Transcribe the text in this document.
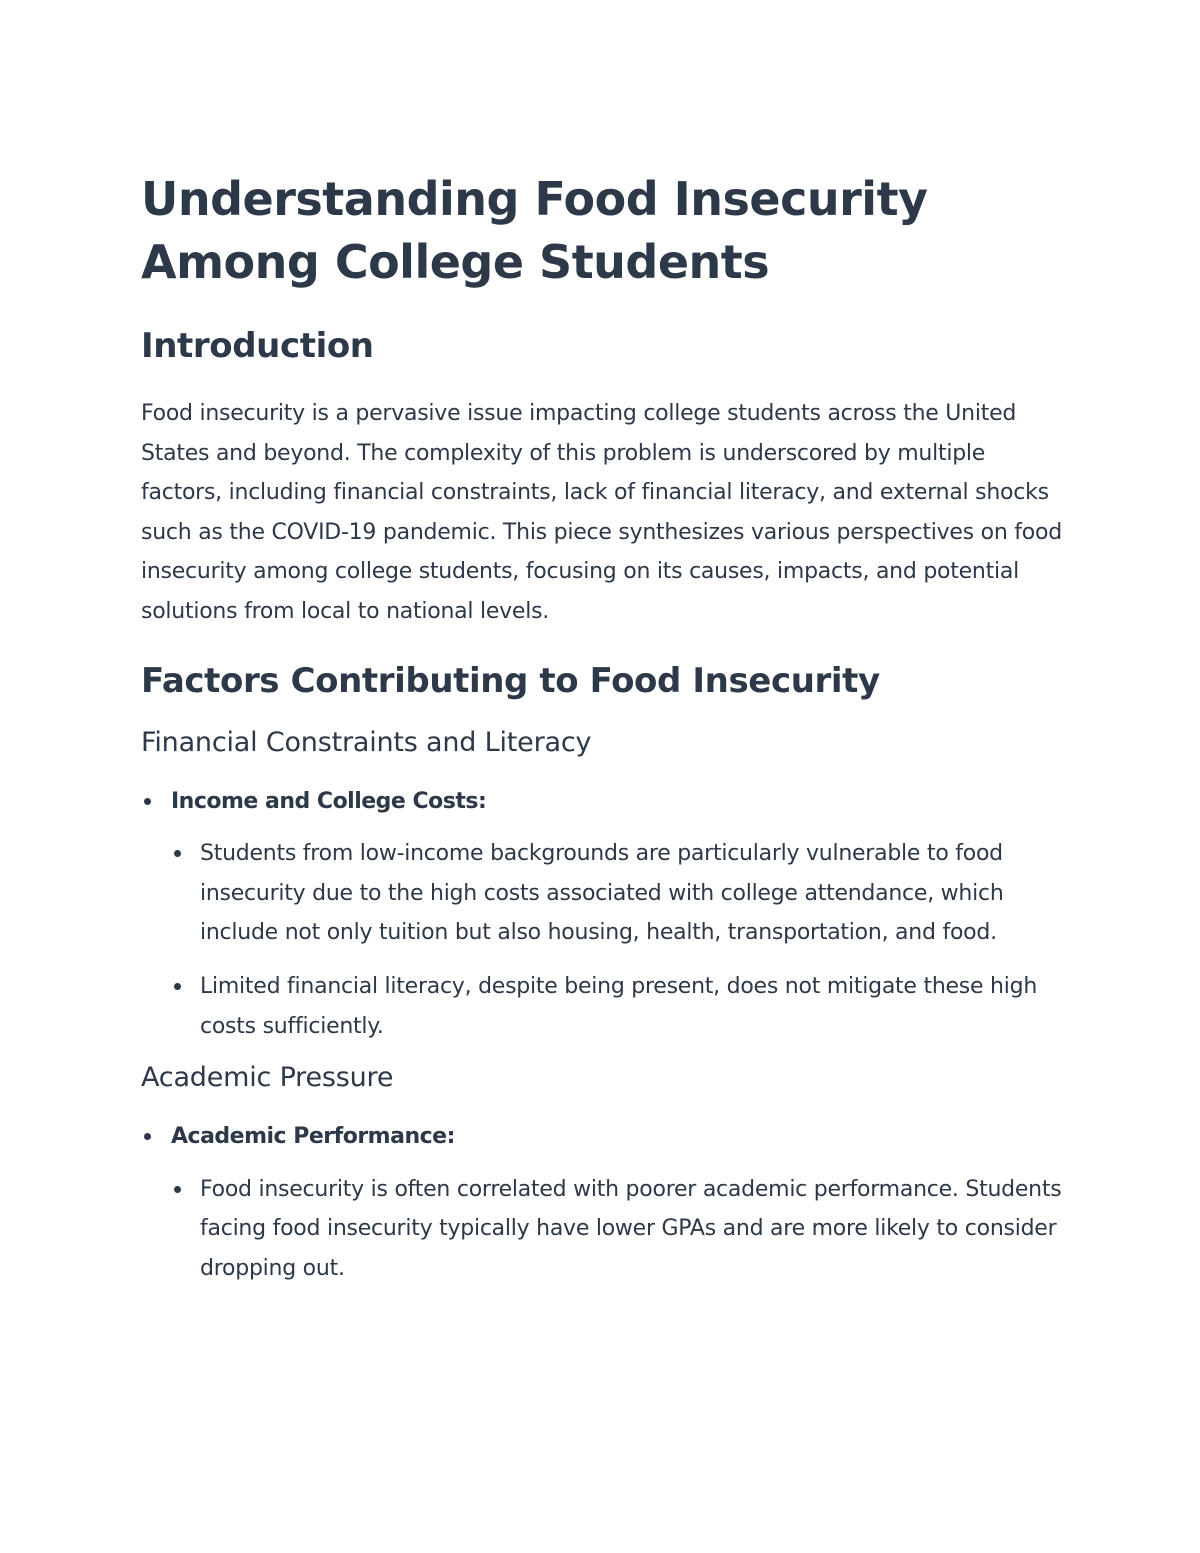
Understanding Food Insecurity Among College Students
Introduction

Food insecurity is a pervasive issue impacting college students across the United States and beyond. The complexity of this problem is underscored by multiple factors, including financial constraints, lack of financial literacy, and external shocks such as the COVID-19 pandemic. This piece synthesizes various perspectives on food insecurity among college students, focusing on its causes, impacts, and potential solutions from local to national levels.

Factors Contributing to Food Insecurity
Financial Constraints and Literacy
Income and College Costs:
Students from low-income backgrounds are particularly vulnerable to food insecurity due to the high costs associated with college attendance, which include not only tuition but also housing, health, transportation, and food.
Limited financial literacy, despite being present, does not mitigate these high costs sufficiently.
Academic Pressure
Academic Performance:
Food insecurity is often correlated with poorer academic performance. Students facing food insecurity typically have lower GPAs and are more likely to consider dropping out.
